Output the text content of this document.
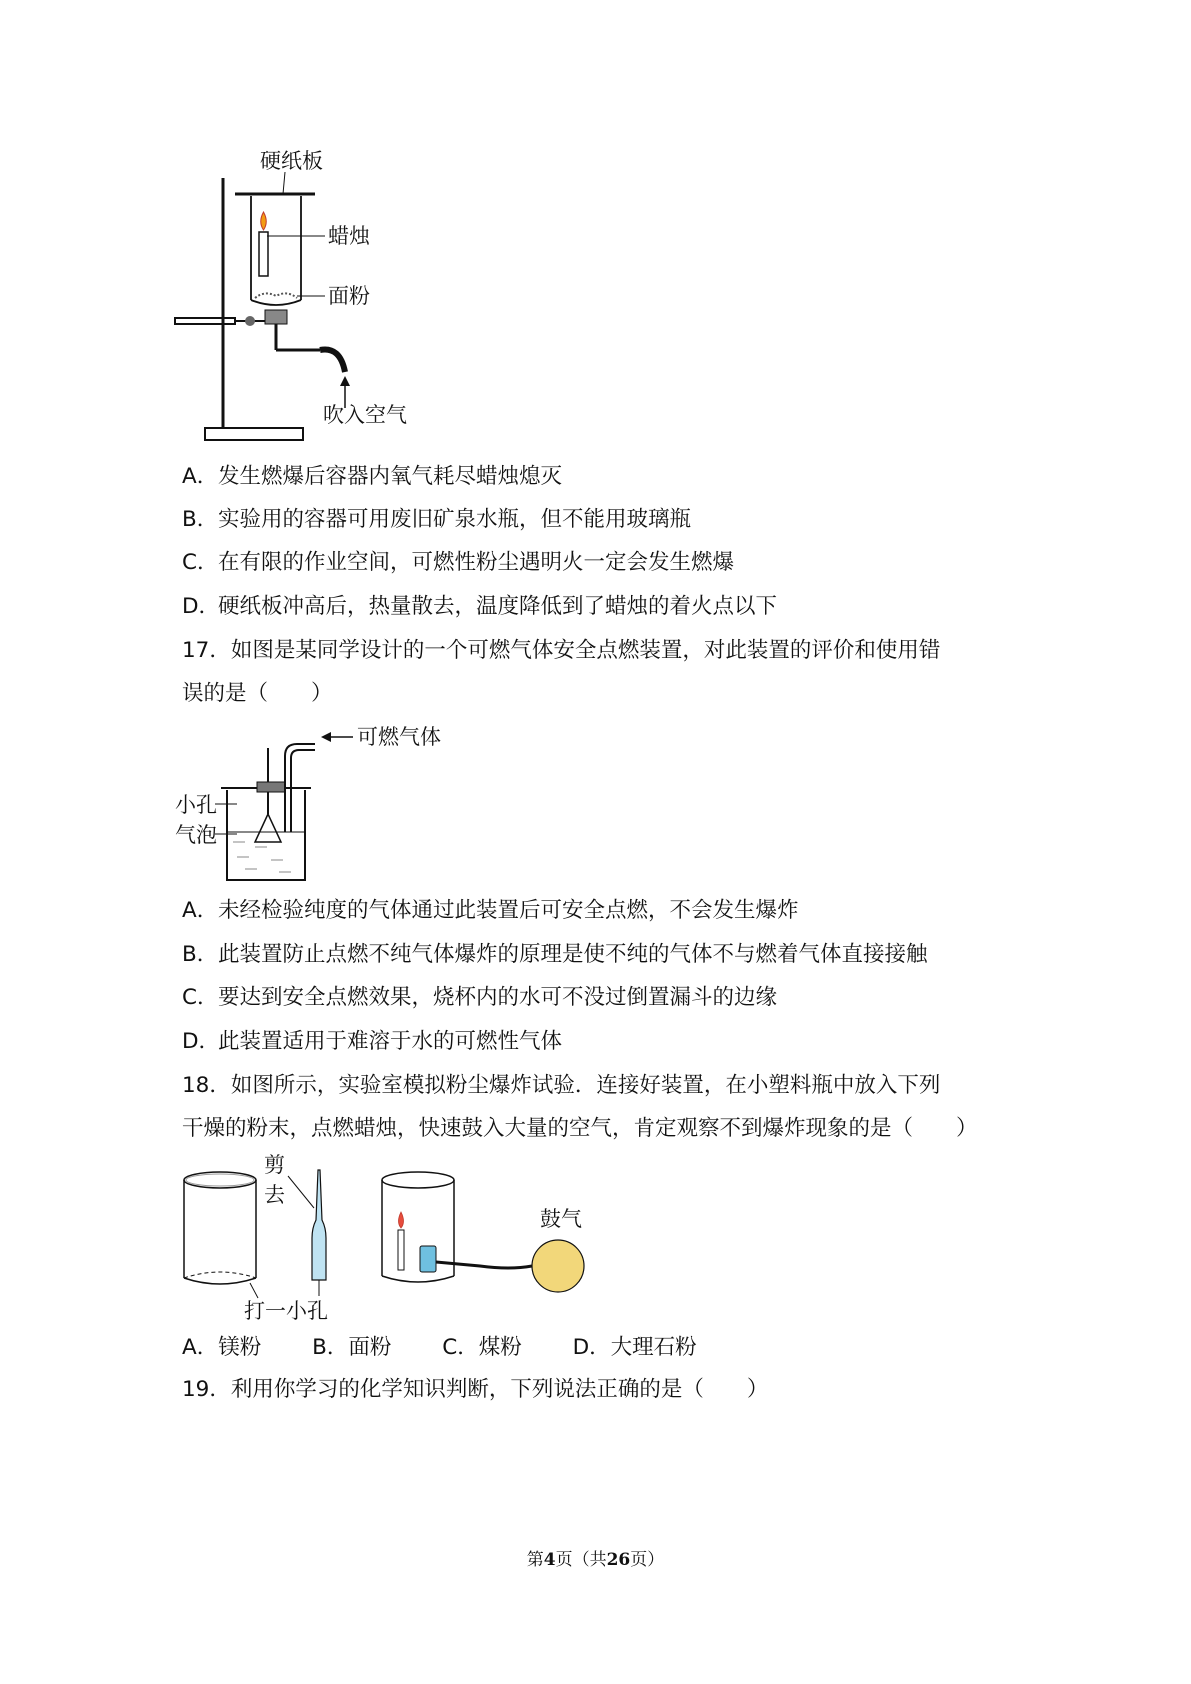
硬纸板
蜡烛
面粉
吹入空气
A．发生燃爆后容器内氧气耗尽蜡烛熄灭
B．实验用的容器可用废旧矿泉水瓶，但不能用玻璃瓶
C．在有限的作业空间，可燃性粉尘遇明火一定会发生燃爆
D．硬纸板冲高后，热量散去，温度降低到了蜡烛的着火点以下
17．如图是某同学设计的一个可燃气体安全点燃装置，对此装置的评价和使用错
误的是（　　）
可燃气体
小孔
气泡
A．未经检验纯度的气体通过此装置后可安全点燃，不会发生爆炸
B．此装置防止点燃不纯气体爆炸的原理是使不纯的气体不与燃着气体直接接触
C．要达到安全点燃效果，烧杯内的水可不没过倒置漏斗的边缘
D．此装置适用于难溶于水的可燃性气体
18．如图所示，实验室模拟粉尘爆炸试验．连接好装置，在小塑料瓶中放入下列
干燥的粉末，点燃蜡烛，快速鼓入大量的空气，肯定观察不到爆炸现象的是（　　）
剪
去
打一小孔
鼓气
A．镁粉 B．面粉 C．煤粉 D．大理石粉
19．利用你学习的化学知识判断，下列说法正确的是（　　）
第4页（共26页）
